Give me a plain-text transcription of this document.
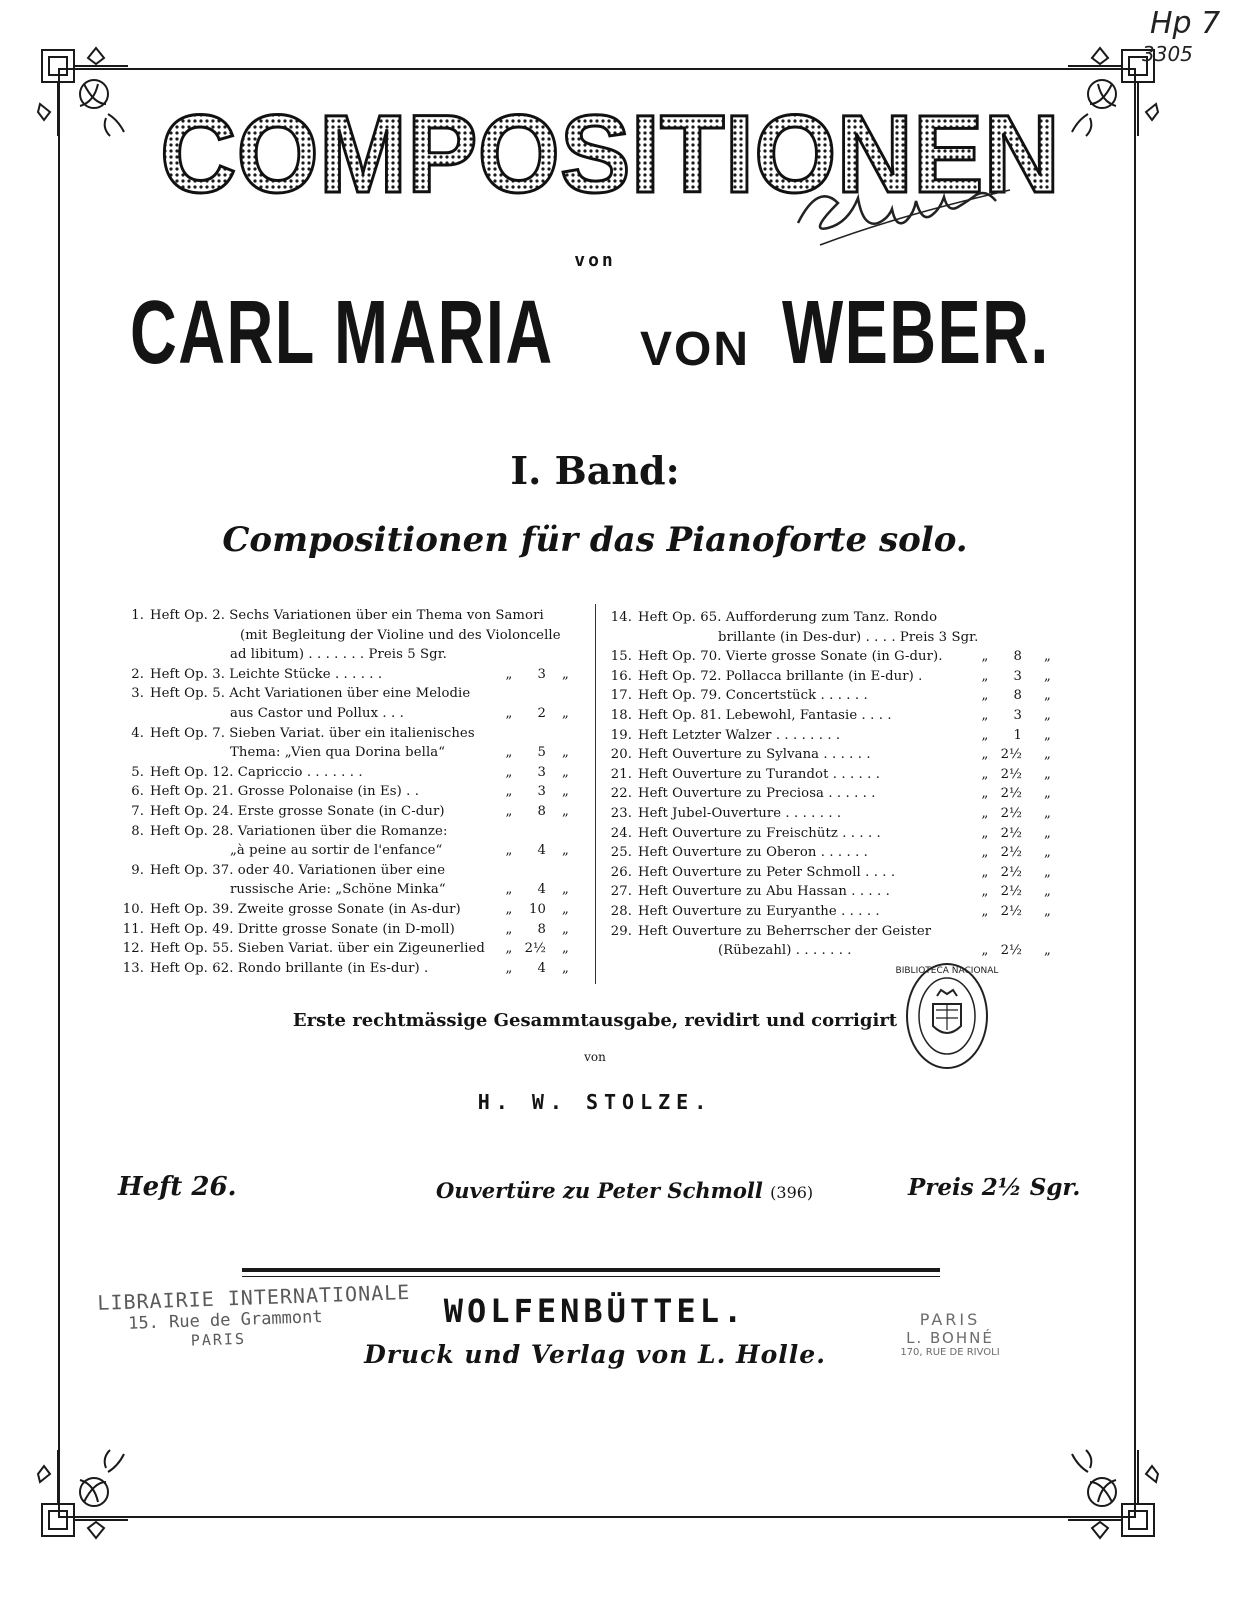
Hp 7
3305
COMPOSITIONEN
von
CARL MARIA VON WEBER.
I. Band:
Compositionen für das Pianoforte solo.
1. Heft Op. 2. Sechs Variationen über ein Thema von Samori
(mit Begleitung der Violine und des Violoncelle
ad libitum) . . . . . . . Preis 5 Sgr.
2. Heft Op. 3. Leichte Stücke . . . . . .	„	3 „
3. Heft Op. 5. Acht Variationen über eine Melodie
aus Castor und Pollux . . .	„	2 „
4. Heft Op. 7. Sieben Variat. über ein italienisches
Thema: „Vien qua Dorina bella“	„	5 „
5. Heft Op. 12. Capriccio . . . . . . .	„	3 „
6. Heft Op. 21. Grosse Polonaise (in Es) . .	„	3 „
7. Heft Op. 24. Erste grosse Sonate (in C-dur)	„	8 „
8. Heft Op. 28. Variationen über die Romanze:
„à peine au sortir de l'enfance“	„	4 „
9. Heft Op. 37. oder 40. Variationen über eine
russische Arie: „Schöne Minka“	„	4 „
10. Heft Op. 39. Zweite grosse Sonate (in As-dur)	„	10 „
11. Heft Op. 49. Dritte grosse Sonate (in D-moll)	„	8 „
12. Heft Op. 55. Sieben Variat. über ein Zigeunerlied „ 2½ „
13. Heft Op. 62. Rondo brillante (in Es-dur) .	„	4 „
14. Heft Op. 65. Aufforderung zum Tanz. Rondo
brillante (in Des-dur) . . . . Preis 3 Sgr.
15. Heft Op. 70. Vierte grosse Sonate (in G-dur).	„	8 „
16. Heft Op. 72. Pollacca brillante (in E-dur) .	„	3 „
17. Heft Op. 79. Concertstück . . . . . .	„	8 „
18. Heft Op. 81. Lebewohl, Fantasie . . . .	„	3 „
19. Heft Letzter Walzer . . . . . . . .	„	1 „
20. Heft Ouverture zu Sylvana . . . . . .	„ 2½ „
21. Heft Ouverture zu Turandot . . . . . .	„ 2½ „
22. Heft Ouverture zu Preciosa . . . . . .	„ 2½ „
23. Heft Jubel-Ouverture . . . . . . .	„ 2½ „
24. Heft Ouverture zu Freischütz . . . . .	„ 2½ „
25. Heft Ouverture zu Oberon . . . . . .	„ 2½ „
26. Heft Ouverture zu Peter Schmoll . . . .	„ 2½ „
27. Heft Ouverture zu Abu Hassan . . . . .	„ 2½ „
28. Heft Ouverture zu Euryanthe . . . . .	„ 2½ „
29. Heft Ouverture zu Beherrscher der Geister
(Rübezahl) . . . . . . .	„ 2½ „
BIBLIOTECA NACIONAL
Erste rechtmässige Gesammtausgabe, revidirt und corrigirt
von
H. W. STOLZE.
Heft 26.	Ouvertüre zu Peter Schmoll (396)	Preis 2½ Sgr.
WOLFENBÜTTEL.
Druck und Verlag von L. Holle.
LIBRAIRIE INTERNATIONALE
15. Rue de Grammont
PARIS
PARIS
L. BOHNÉ
170, RUE DE RIVOLI
